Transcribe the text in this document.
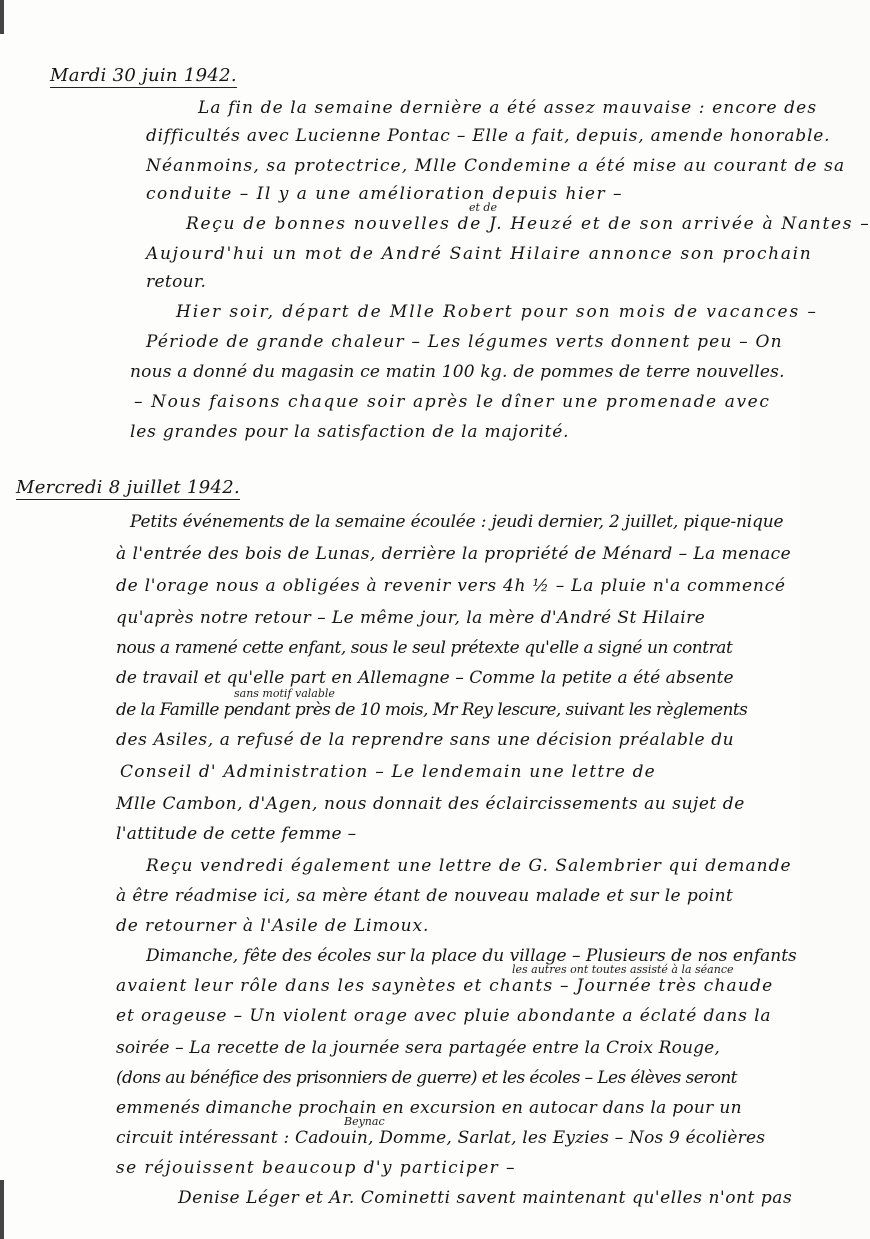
Mardi 30 juin 1942.
La fin de la semaine dernière a été assez mauvaise : encore des
difficultés avec Lucienne Pontac – Elle a fait, depuis, amende honorable.
Néanmoins, sa protectrice, Mlle Condemine a été mise au courant de sa
conduite – Il y a une amélioration depuis hier –
et de
Reçu de bonnes nouvelles de J. Heuzé et de son arrivée à Nantes –
Aujourd'hui un mot de André Saint Hilaire annonce son prochain
retour.
Hier soir, départ de Mlle Robert pour son mois de vacances –
Période de grande chaleur – Les légumes verts donnent peu – On
nous a donné du magasin ce matin 100 kg. de pommes de terre nouvelles.
– Nous faisons chaque soir après le dîner une promenade avec
les grandes pour la satisfaction de la majorité.
Mercredi 8 juillet 1942.
Petits événements de la semaine écoulée : jeudi dernier, 2 juillet, pique-nique
à l'entrée des bois de Lunas, derrière la propriété de Ménard – La menace
de l'orage nous a obligées à revenir vers 4h ½ – La pluie n'a commencé
qu'après notre retour – Le même jour, la mère d'André St Hilaire
nous a ramené cette enfant, sous le seul prétexte qu'elle a signé un contrat
de travail et qu'elle part en Allemagne – Comme la petite a été absente
sans motif valable
de la Famille pendant près de 10 mois, Mr Rey lescure, suivant les règlements
des Asiles, a refusé de la reprendre sans une décision préalable du
Conseil d' Administration – Le lendemain une lettre de
Mlle Cambon, d'Agen, nous donnait des éclaircissements au sujet de
l'attitude de cette femme –
Reçu vendredi également une lettre de G. Salembrier qui demande
à être réadmise ici, sa mère étant de nouveau malade et sur le point
de retourner à l'Asile de Limoux.
Dimanche, fête des écoles sur la place du village – Plusieurs de nos enfants
les autres ont toutes assisté à la séance
avaient leur rôle dans les saynètes et chants – Journée très chaude
et orageuse – Un violent orage avec pluie abondante a éclaté dans la
soirée – La recette de la journée sera partagée entre la Croix Rouge,
(dons au bénéfice des prisonniers de guerre) et les écoles – Les élèves seront
emmenés dimanche prochain en excursion en autocar dans la pour un
Beynac
circuit intéressant : Cadouin, Domme, Sarlat, les Eyzies – Nos 9 écolières
se réjouissent beaucoup d'y participer –
Denise Léger et Ar. Cominetti savent maintenant qu'elles n'ont pas
